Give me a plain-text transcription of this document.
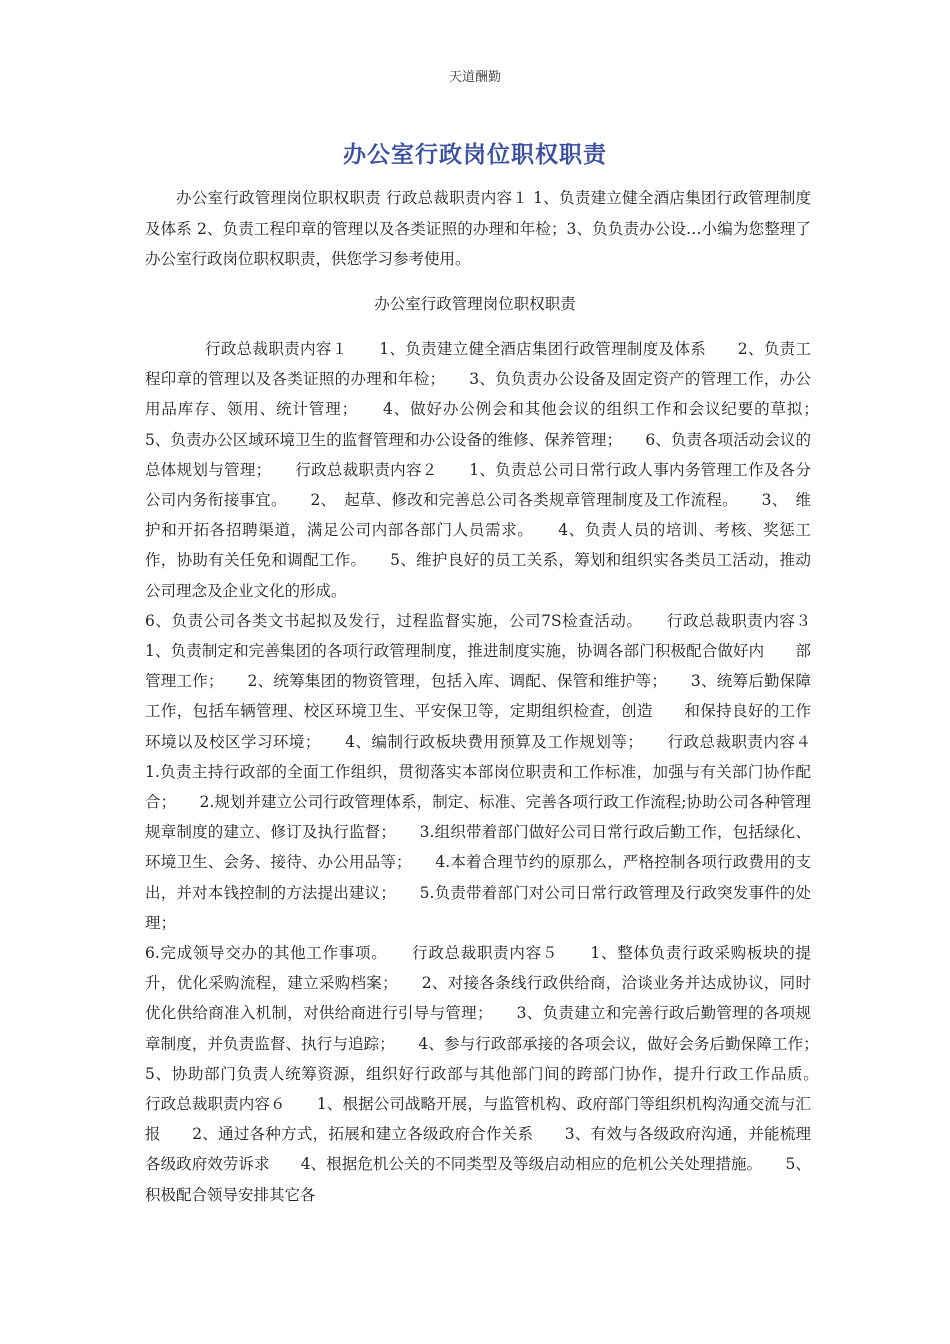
天道酬勤
办公室行政岗位职权职责

办公室行政管理岗位职权职责 行政总裁职责内容１ 1、负责建立健全酒店集团行政管理制度及体系 2、负责工程印章的管理以及各类证照的办理和年检；3、负负责办公设…小编为您整理了办公室行政岗位职权职责，供您学习参考使用。

办公室行政管理岗位职权职责

行政总裁职责内容１　　1、负责建立健全酒店集团行政管理制度及体系　　2、负责工程印章的管理以及各类证照的办理和年检；　　3、负负责办公设备及固定资产的管理工作，办公用品库存、领用、统计管理；　　4、做好办公例会和其他会议的组织工作和会议纪要的草拟；　　5、负责办公区域环境卫生的监督管理和办公设备的维修、保养管理；　　6、负责各项活动会议的总体规划与管理；　　行政总裁职责内容２　　1、负责总公司日常行政人事内务管理工作及各分公司内务衔接事宜。　　2、　起草、修改和完善总公司各类规章管理制度及工作流程。　　3、　维护和开拓各招聘渠道，满足公司内部各部门人员需求。　　4、负责人员的培训、考核、奖惩工作，协助有关任免和调配工作。　　5、维护良好的员工关系，筹划和组织实各类员工活动，推动公司理念及企业文化的形成。

6、负责公司各类文书起拟及发行，过程监督实施，公司7S检查活动。　　行政总裁职责内容３　　1、负责制定和完善集团的各项行政管理制度，推进制度实施，协调各部门积极配合做好内　　部管理工作；　　2、统筹集团的物资管理，包括入库、调配、保管和维护等；　　3、统筹后勤保障工作，包括车辆管理、校区环境卫生、平安保卫等，定期组织检查，创造　　和保持良好的工作环境以及校区学习环境；　　4、编制行政板块费用预算及工作规划等；　　行政总裁职责内容４　　1.负责主持行政部的全面工作组织，贯彻落实本部岗位职责和工作标准，加强与有关部门协作配合；　　2.规划并建立公司行政管理体系，制定、标准、完善各项行政工作流程;协助公司各种管理规章制度的建立、修订及执行监督；　　3.组织带着部门做好公司日常行政后勤工作，包括绿化、环境卫生、会务、接待、办公用品等；　　4.本着合理节约的原那么，严格控制各项行政费用的支出，并对本钱控制的方法提出建议；　　5.负责带着部门对公司日常行政管理及行政突发事件的处理；

6.完成领导交办的其他工作事项。　　行政总裁职责内容５　　1、整体负责行政采购板块的提升，优化采购流程，建立采购档案；　　2、对接各条线行政供给商，洽谈业务并达成协议，同时优化供给商准入机制，对供给商进行引导与管理；　　3、负责建立和完善行政后勤管理的各项规章制度，并负责监督、执行与追踪；　　4、参与行政部承接的各项会议，做好会务后勤保障工作；　　5、协助部门负责人统筹资源，组织好行政部与其他部门间的跨部门协作，提升行政工作品质。　　行政总裁职责内容６　　1、根据公司战略开展，与监管机构、政府部门等组织机构沟通交流与汇报　　2、通过各种方式，拓展和建立各级政府合作关系　　3、有效与各级政府沟通，并能梳理各级政府效劳诉求　　4、根据危机公关的不同类型及等级启动相应的危机公关处理措施。　　5、积极配合领导安排其它各
